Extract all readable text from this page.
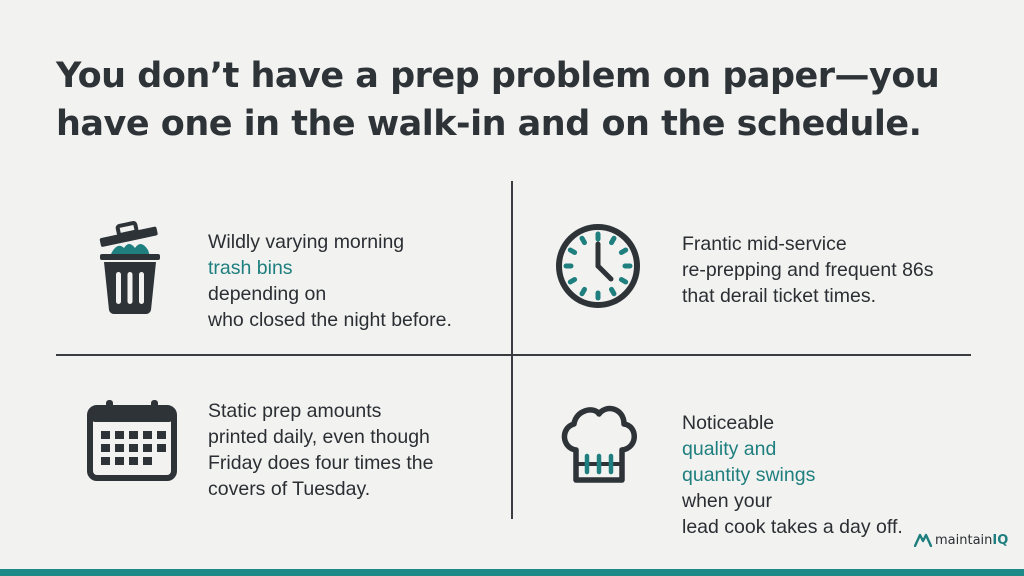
You don’t have a prep problem on paper—you
have one in the walk-in and on the schedule.
Wildly varying morning
trash bins
depending on
who closed the night before.
Frantic mid-service
re-prepping and frequent 86s
that derail ticket times.
Static prep amounts
printed daily, even though
Friday does four times the
covers of Tuesday.
Noticeable
quality and
quantity swings
when your
lead cook takes a day off.
maintainIQ
